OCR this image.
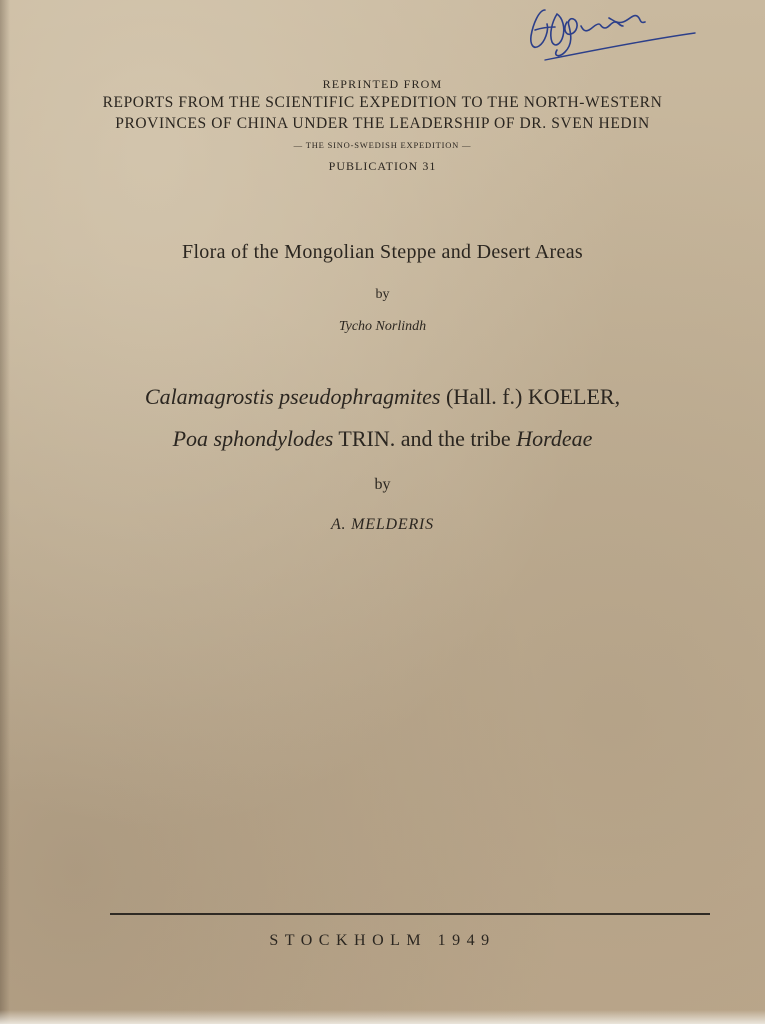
REPRINTED FROM
REPORTS FROM THE SCIENTIFIC EXPEDITION TO THE NORTH-WESTERN
PROVINCES OF CHINA UNDER THE LEADERSHIP OF DR. SVEN HEDIN
— THE SINO-SWEDISH EXPEDITION —
PUBLICATION 31
Flora of the Mongolian Steppe and Desert Areas
by
Tycho Norlindh
Calamagrostis pseudophragmites (Hall. f.) KOELER,
Poa sphondylodes TRIN. and the tribe Hordeae
by
A. MELDERIS
STOCKHOLM 1949
